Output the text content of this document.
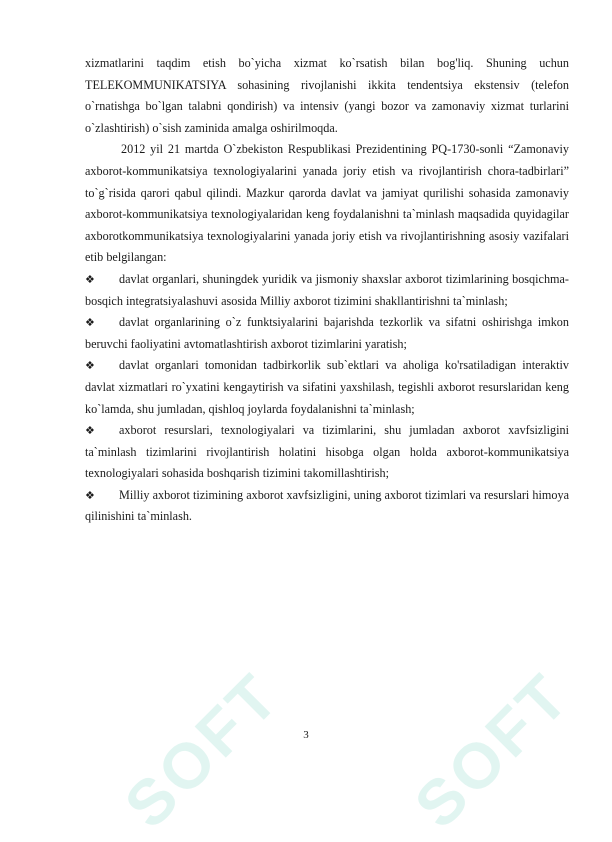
SOFT SOFT

xizmatlarini taqdim etish bo`yicha xizmat ko`rsatish bilan bog'liq. Shuning uchun TELEKOMMUNIKATSIYA sohasining rivojlanishi ikkita tendentsiya ekstensiv (telefon o`rnatishga bo`lgan talabni qondirish) va intensiv (yangi bozor va zamonaviy xizmat turlarini o`zlashtirish) o`sish zaminida amalga oshirilmoqda.

2012 yil 21 martda O`zbekiston Respublikasi Prezidentining PQ-1730-sonli “Zamonaviy axborot-kommunikatsiya texnologiyalarini yanada joriy etish va rivojlantirish chora-tadbirlari” to`g`risida qarori qabul qilindi. Mazkur qarorda davlat va jamiyat qurilishi sohasida zamonaviy axborot-kommunikatsiya texnologiyalaridan keng foydalanishni ta`minlash maqsadida quyidagilar axborotkommunikatsiya texnologiyalarini yanada joriy etish va rivojlantirishning asosiy vazifalari etib belgilangan:

❖ davlat organlari, shuningdek yuridik va jismoniy shaxslar axborot tizimlarining bosqichma-bosqich integratsiyalashuvi asosida Milliy axborot tizimini shakllantirishni ta`minlash;

❖ davlat organlarining o`z funktsiyalarini bajarishda tezkorlik va sifatni oshirishga imkon beruvchi faoliyatini avtomatlashtirish axborot tizimlarini yaratish;

❖ davlat organlari tomonidan tadbirkorlik sub`ektlari va aholiga ko'rsatiladigan interaktiv davlat xizmatlari ro`yxatini kengaytirish va sifatini yaxshilash, tegishli axborot resurslaridan keng ko`lamda, shu jumladan, qishloq joylarda foydalanishni ta`minlash;

❖ axborot resurslari, texnologiyalari va tizimlarini, shu jumladan axborot xavfsizligini ta`minlash tizimlarini rivojlantirish holatini hisobga olgan holda axborot-kommunikatsiya texnologiyalari sohasida boshqarish tizimini takomillashtirish;

❖ Milliy axborot tizimining axborot xavfsizligini, uning axborot tizimlari va resurslari himoya qilinishini ta`minlash.

3
